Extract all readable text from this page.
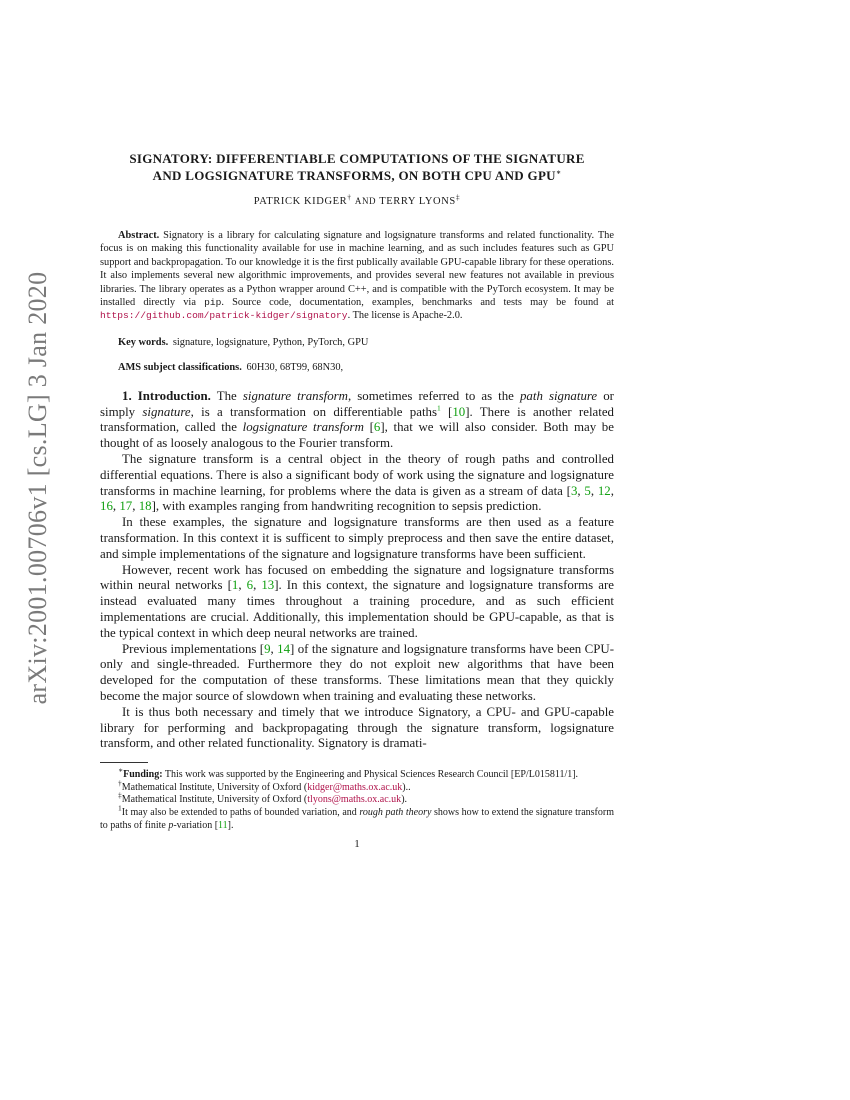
arXiv:2001.00706v1 [cs.LG] 3 Jan 2020
SIGNATORY: DIFFERENTIABLE COMPUTATIONS OF THE SIGNATURE AND LOGSIGNATURE TRANSFORMS, ON BOTH CPU AND GPU∗
PATRICK KIDGER† AND TERRY LYONS‡

Abstract. Signatory is a library for calculating signature and logsignature transforms and related functionality. The focus is on making this functionality available for use in machine learning, and as such includes features such as GPU support and backpropagation. To our knowledge it is the first publically available GPU-capable library for these operations. It also implements several new algorithmic improvements, and provides several new features not available in previous libraries. The library operates as a Python wrapper around C++, and is compatible with the PyTorch ecosystem. It may be installed directly via pip. Source code, documentation, examples, benchmarks and tests may be found at https://github.com/patrick-kidger/signatory. The license is Apache-2.0.

Key words. signature, logsignature, Python, PyTorch, GPU

AMS subject classifications. 60H30, 68T99, 68N30,

1. Introduction. The signature transform, sometimes referred to as the path signature or simply signature, is a transformation on differentiable paths$^1$ [10]. There is another related transformation, called the logsignature transform [6], that we will also consider. Both may be thought of as loosely analogous to the Fourier transform.

The signature transform is a central object in the theory of rough paths and controlled differential equations. There is also a significant body of work using the signature and logsignature transforms in machine learning, for problems where the data is given as a stream of data [3, 5, 12, 16, 17, 18], with examples ranging from handwriting recognition to sepsis prediction.

In these examples, the signature and logsignature transforms are then used as a feature transformation. In this context it is sufficent to simply preprocess and then save the entire dataset, and simple implementations of the signature and logsignature transforms have been sufficient.

However, recent work has focused on embedding the signature and logsignature transforms within neural networks [1, 6, 13]. In this context, the signature and logsignature transforms are instead evaluated many times throughout a training procedure, and as such efficient implementations are crucial. Additionally, this implementation should be GPU-capable, as that is the typical context in which deep neural networks are trained.

Previous implementations [9, 14] of the signature and logsignature transforms have been CPU-only and single-threaded. Furthermore they do not exploit new algorithms that have been developed for the computation of these transforms. These limitations mean that they quickly become the major source of slowdown when training and evaluating these networks.

It is thus both necessary and timely that we introduce Signatory, a CPU- and GPU-capable library for performing and backpropagating through the signature transform, logsignature transform, and other related functionality. Signatory is dramati-

∗Funding: This work was supported by the Engineering and Physical Sciences Research Council [EP/L015811/1].

†Mathematical Institute, University of Oxford (kidger@maths.ox.ac.uk)..

‡Mathematical Institute, University of Oxford (tlyons@maths.ox.ac.uk).

$^1$It may also be extended to paths of bounded variation, and rough path theory shows how to extend the signature transform to paths of finite p-variation [11].

1
